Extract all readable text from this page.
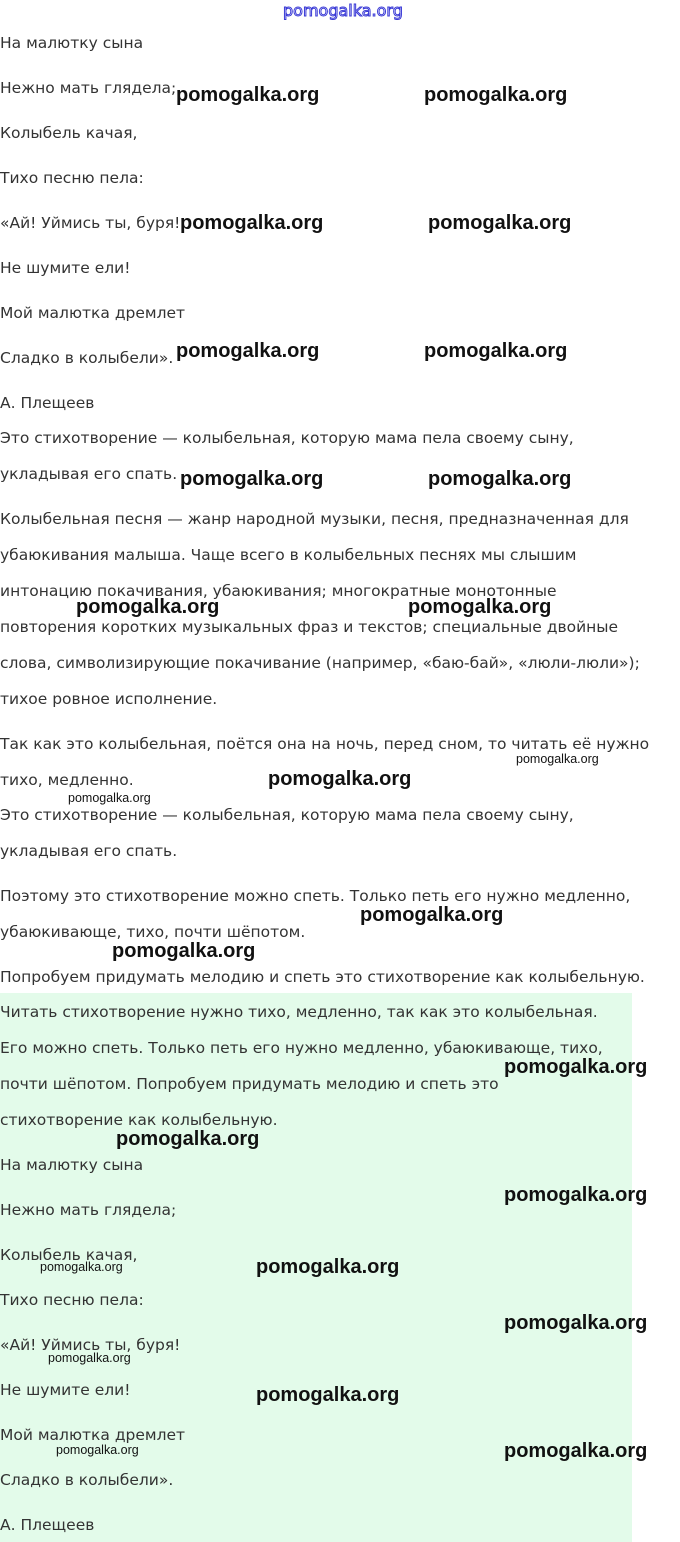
pomogalka.org

На малютку сына

Нежно мать глядела;

Колыбель качая,

Тихо песню пела:

«Ай! Уймись ты, буря!

Не шумите ели!

Мой малютка дремлет

Сладко в колыбели».

А. Плещеев

Это стихотворение — колыбельная, которую мама пела своему сыну,

укладывая его спать.

Колыбельная песня — жанр народной музыки, песня, предназначенная для

убаюкивания малыша. Чаще всего в колыбельных песнях мы слышим

интонацию покачивания, убаюкивания; многократные монотонные

повторения коротких музыкальных фраз и текстов; специальные двойные

слова, символизирующие покачивание (например, «баю-бай», «люли-люли»);

тихое ровное исполнение.

Так как это колыбельная, поётся она на ночь, перед сном, то читать её нужно

тихо, медленно.

Это стихотворение — колыбельная, которую мама пела своему сыну,

укладывая его спать.

Поэтому это стихотворение можно спеть. Только петь его нужно медленно,

убаюкивающе, тихо, почти шёпотом.

Попробуем придумать мелодию и спеть это стихотворение как колыбельную.

Читать стихотворение нужно тихо, медленно, так как это колыбельная.

Его можно спеть. Только петь его нужно медленно, убаюкивающе, тихо,

почти шёпотом. Попробуем придумать мелодию и спеть это

стихотворение как колыбельную.

На малютку сына

Нежно мать глядела;

Колыбель качая,

Тихо песню пела:

«Ай! Уймись ты, буря!

Не шумите ели!

Мой малютка дремлет

Сладко в колыбели».

А. Плещеев

pomogalka.org	pomogalka.org
pomogalka.org	pomogalka.org
pomogalka.org	pomogalka.org
pomogalka.org	pomogalka.org
pomogalka.org	pomogalka.org
pomogalka.org
pomogalka.org
pomogalka.org
pomogalka.org
pomogalka.org
pomogalka.org
pomogalka.org
pomogalka.org
pomogalka.org
pomogalka.org
pomogalka.org
pomogalka.org
pomogalka.org
pomogalka.org
pomogalka.org
